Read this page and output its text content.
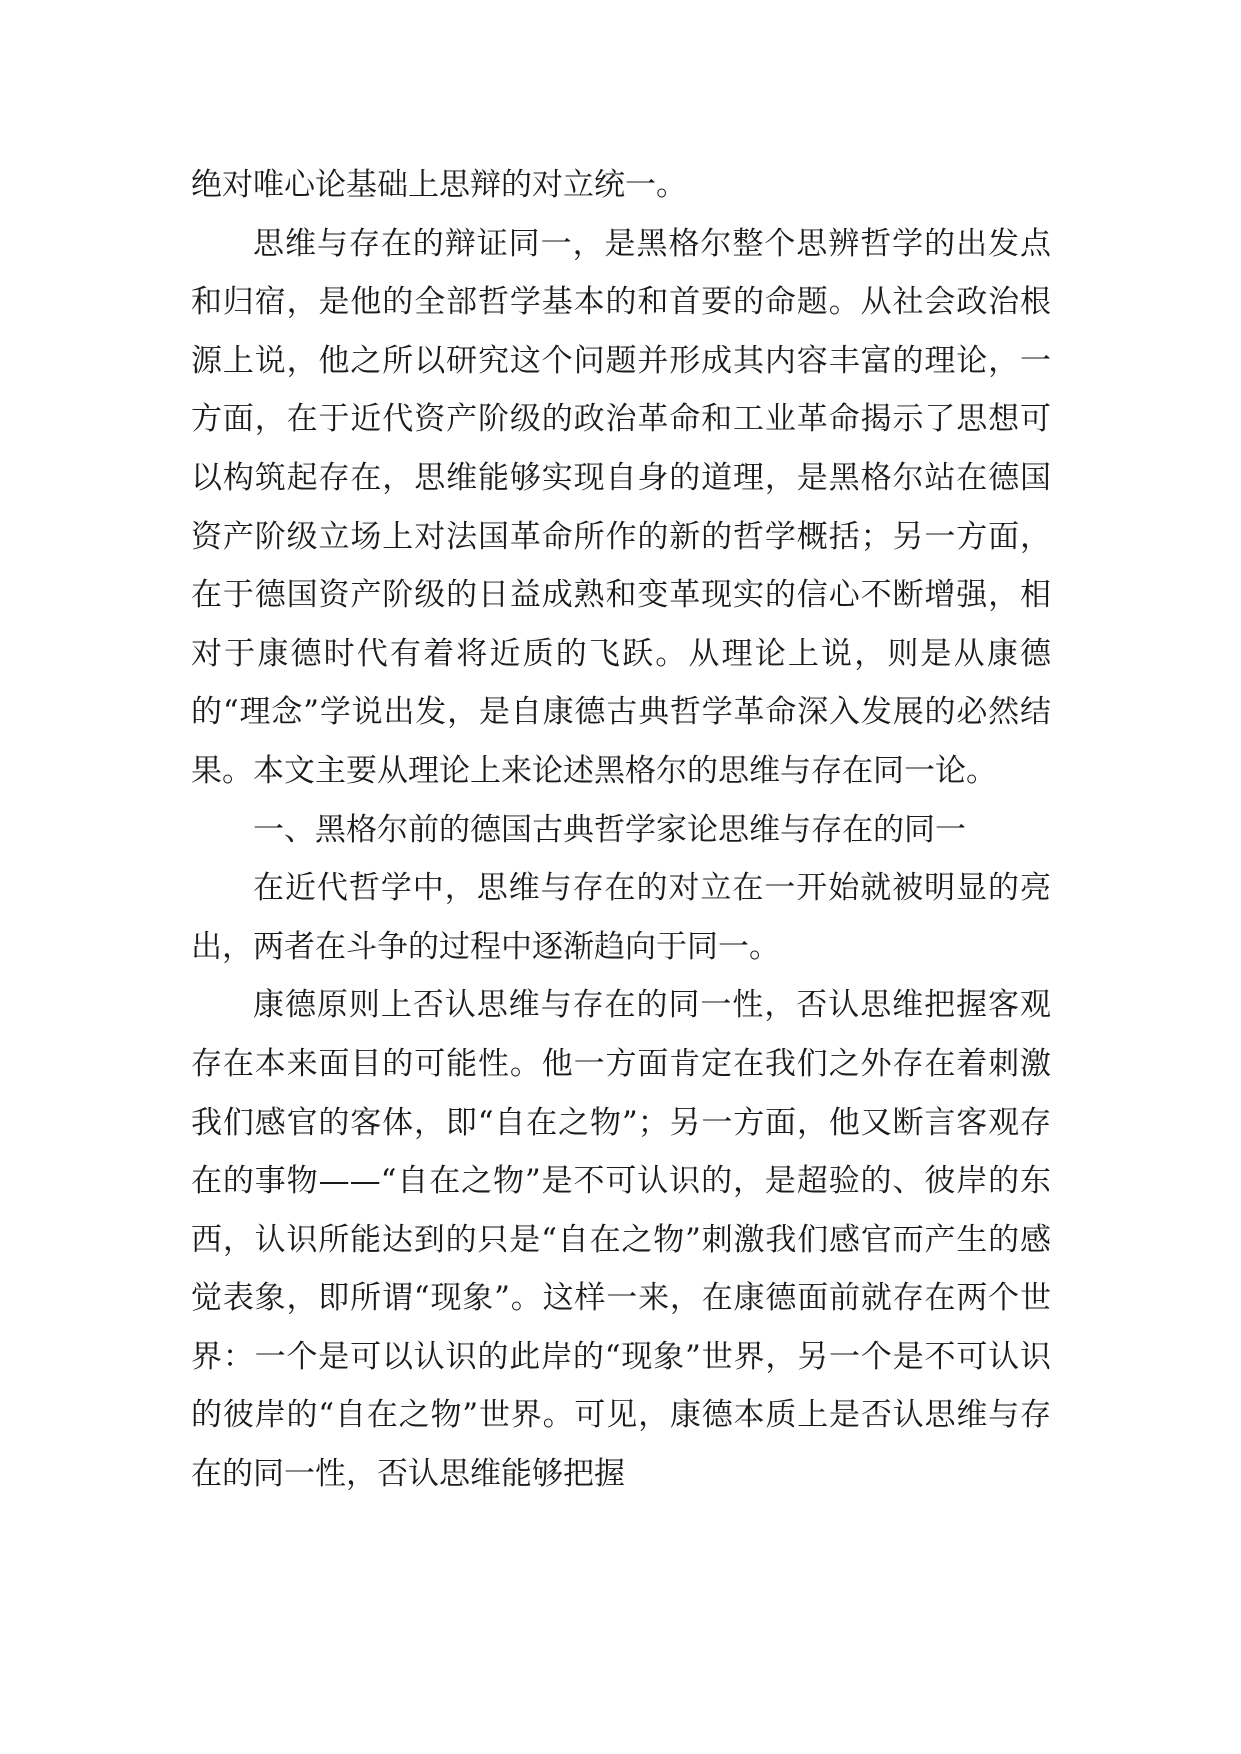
绝对唯心论基础上思辩的对立统一。

思维与存在的辩证同一，是黑格尔整个思辨哲学的出发点和归宿，是他的全部哲学基本的和首要的命题。从社会政治根源上说，他之所以研究这个问题并形成其内容丰富的理论，一方面，在于近代资产阶级的政治革命和工业革命揭示了思想可以构筑起存在，思维能够实现自身的道理，是黑格尔站在德国资产阶级立场上对法国革命所作的新的哲学概括；另一方面，在于德国资产阶级的日益成熟和变革现实的信心不断增强，相对于康德时代有着将近质的飞跃。从理论上说，则是从康德的“理念”学说出发，是自康德古典哲学革命深入发展的必然结果。本文主要从理论上来论述黑格尔的思维与存在同一论。

一、黑格尔前的德国古典哲学家论思维与存在的同一

在近代哲学中，思维与存在的对立在一开始就被明显的亮出，两者在斗争的过程中逐渐趋向于同一。

康德原则上否认思维与存在的同一性，否认思维把握客观存在本来面目的可能性。他一方面肯定在我们之外存在着刺激我们感官的客体，即“自在之物”；另一方面，他又断言客观存在的事物——“自在之物”是不可认识的，是超验的、彼岸的东西，认识所能达到的只是“自在之物”刺激我们感官而产生的感觉表象，即所谓“现象”。这样一来，在康德面前就存在两个世界：一个是可以认识的此岸的“现象”世界，另一个是不可认识的彼岸的“自在之物”世界。可见，康德本质上是否认思维与存在的同一性，否认思维能够把握
